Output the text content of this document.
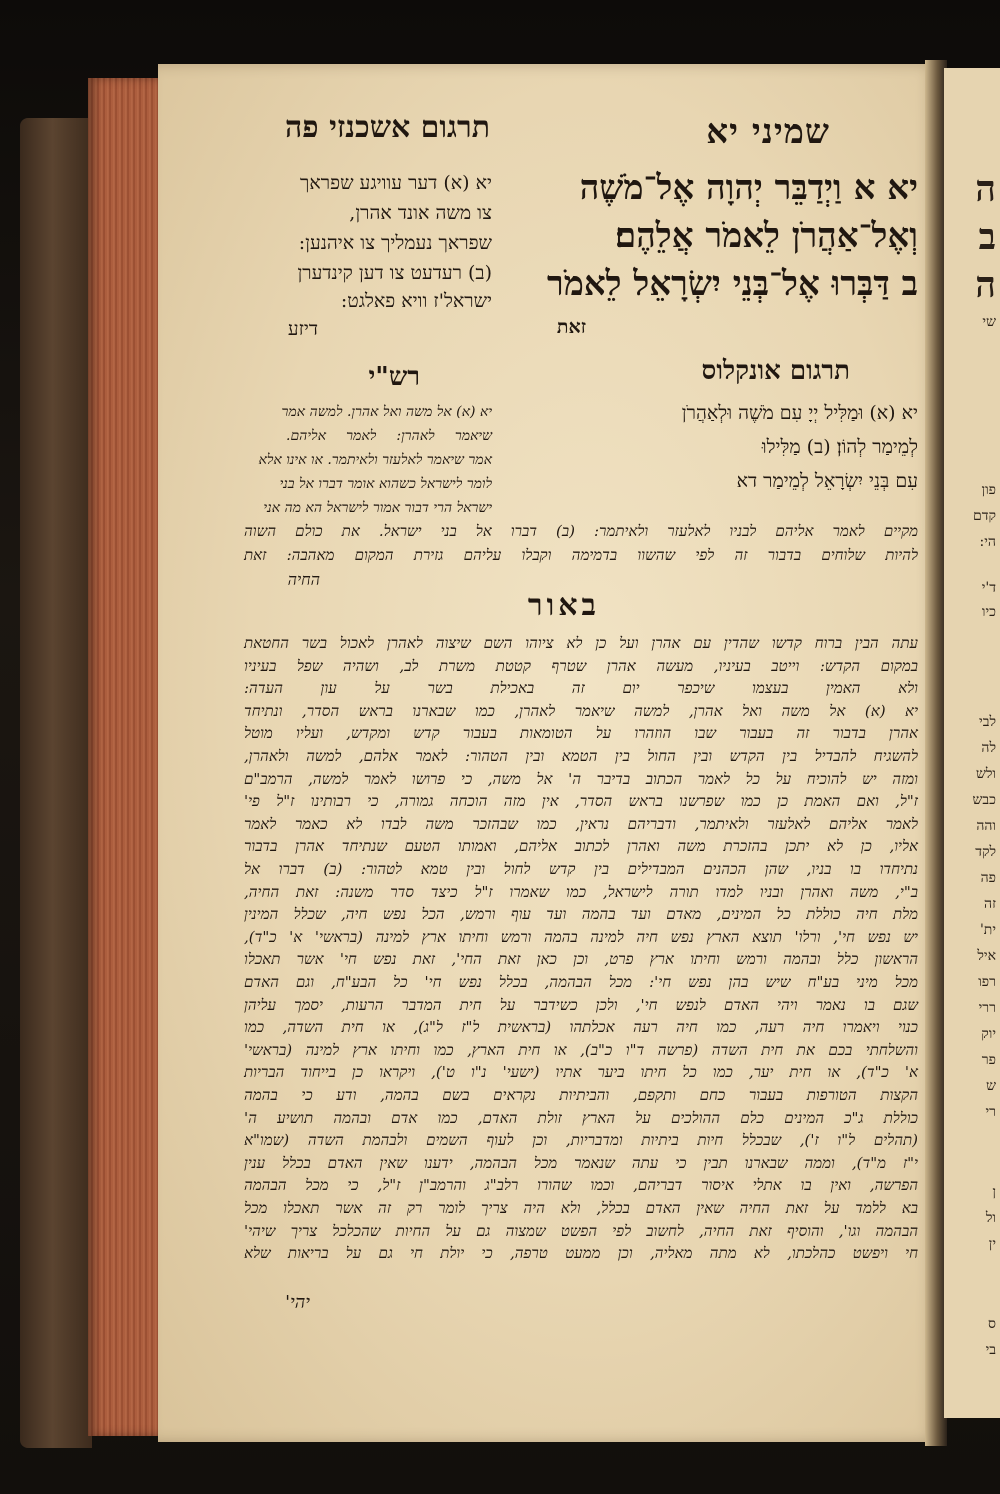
ה
ב
ה
שי
פון
קדם
הי:
ד'י
כיו
לבי
לה
ולש
כבש
והה
לקד
פה
זה
ית'
איל
רפו
ררי
יוק
פר
ש
רי
ן
ול
ין
ס
בי
תרגום אשכנזי פה	שמיני יא
יא א וַיְדַבֵּר יְהוָה אֶל־מֹשֶׁה
וְאֶל־אַהֲרֹן לֵאמֹר אֲלֵהֶם׃
ב דַּבְּרוּ אֶל־בְּנֵי יִשְׂרָאֵל לֵאמֹר
זאת
יא (א) דער עוויגע שפראך
צו משה אונד אהרן,
שפראך נעמליך צו איהנען:
(ב) רעדעט צו דען קינדערן
ישראל'ז וויא פאלגט:
דיזע
תרגום אונקלוס
יא (א) וּמַלִּיל יְיָ עִם מֹשֶׁה וּלְאַהֲרֹן
לְמֵימַר לְהוֹן׃ (ב) מַלִּילוּ
עִם בְּנֵי יִשְׂרָאֵל לְמֵימַר דא
רש"י
יא (א) אל משה ואל אהרן. למשה אמר
שיאמר לאהרן: לאמר אליהם.
אמר שיאמר לאלעזר ולאיתמר. או אינו אלא
לומר לישראל כשהוא אומר דברו אל בני
ישראל הרי דבור אמור לישראל הא מה אני
מקיים לאמר אליהם לבניו לאלעזר ולאיתמר: (ב) דברו אל בני ישראל. את כולם השוה
להיות שלוחים בדבור זה לפי שהשוו בדמימה וקבלו עליהם גזירת המקום מאהבה: זאת
החיה
באור
עתה הבין ברוח קדשו שהדין עם אהרן ועל כן לא ציוהו השם שיצוה לאהרן לאכול בשר החטאת
במקום הקדש: וייטב בעיניו, מעשה אהרן שטרף קטטת משרת לב, ושהיה שפל בעיניו
ולא האמין בעצמו שיכפר יום זה באכילת בשר על עון העדה:
יא (א) אל משה ואל אהרן, למשה שיאמר לאהרן, כמו שבארנו בראש הסדר, ונתיחד
אהרן בדבור זה בעבור שבו הוזהרו על הטומאות בעבור קדש ומקדש, ועליו מוטל
להשגיח להבדיל בין הקדש ובין החול בין הטמא ובין הטהור: לאמר אלהם, למשה ולאהרן,
ומזה יש להוכיח על כל לאמר הכתוב בדיבר ה' אל משה, כי פרושו לאמר למשה, הרמב"ם
ז"ל, ואם האמת כן כמו שפרשנו בראש הסדר, אין מזה הוכחה גמורה, כי רבותינו ז"ל פי'
לאמר אליהם לאלעזר ולאיתמר, ודבריהם נראין, כמו שבהזכר משה לבדו לא כאמר לאמר
אליו, כן לא יתכן בהזכרת משה ואהרן לכתוב אליהם, ואמותו הטעם שנתיחד אהרן בדבור
נתיחדו בו בניו, שהן הכהנים המבדילים בין קדש לחול ובין טמא לטהור: (ב) דברו אל
ב"י, משה ואהרן ובניו למדו תורה לישראל, כמו שאמרו ז"ל כיצד סדר משנה: זאת החיה,
מלת חיה כוללת כל המינים, מאדם ועד בהמה ועד עוף ורמש, הכל נפש חיה, שכלל המינין
יש נפש חי', ורלו' תוצא הארץ נפש חיה למינה בהמה ורמש וחיתו ארץ למינה (בראשי' א' כ"ד),
הראשון כלל ובהמה ורמש וחיתו ארץ פרט, וכן כאן זאת החי', זאת נפש חי' אשר תאכלו
מכל מיני בע"ח שיש בהן נפש חי': מכל הבהמה, בכלל נפש חי' כל הבע"ח, וגם האדם
שגם בו נאמר ויהי האדם לנפש חי', ולכן כשידבר על חית המדבר הרעות, יסמך עליהן
כנוי ויאמרו חיה רעה, כמו חיה רעה אכלתהו (בראשית ל"ז ל"ג), או חית השדה, כמו
והשלחתי בכם את חית השדה (פרשה ד"ו כ"ב), או חית הארץ, כמו וחיתו ארץ למינה (בראשי'
א' כ"ד), או חית יער, כמו כל חיתו ביער אתיו (ישעי' נ"ו ט'), ויקראו כן בייחוד הבריות
הקצות הטורפות בעבור כחם ותקפם, והביתיות נקראים בשם בהמה, ודע כי בהמה
כוללת ג"כ המינים כלם ההולכים על הארץ זולת האדם, כמו אדם ובהמה תושיע ה'
(תהלים ל"ו ז'), שבכלל חיות ביתיות ומדבריות, וכן לעוף השמים ולבהמת השדה (שמו"א
י"ז מ"ד), וממה שבארנו תבין כי עתה שנאמר מכל הבהמה, ידענו שאין האדם בכלל ענין
הפרשה, ואין בו אתלי איסור דבריהם, וכמו שהורו רלב"ג והרמב"ן ז"ל, כי מכל הבהמה
בא ללמד על זאת החיה שאין האדם בכלל, ולא היה צריך לומר רק זה אשר תאכלו מכל
הבהמה וגו', והוסיף זאת החיה, לחשוב לפי הפשט שמצוה גם על החיות שהכלכל צריך שיהי'
חי ויפשט כהלכתו, לא מתה מאליה, וכן ממעט טרפה, כי יולת חי גם על בריאות שלא
יהי'
